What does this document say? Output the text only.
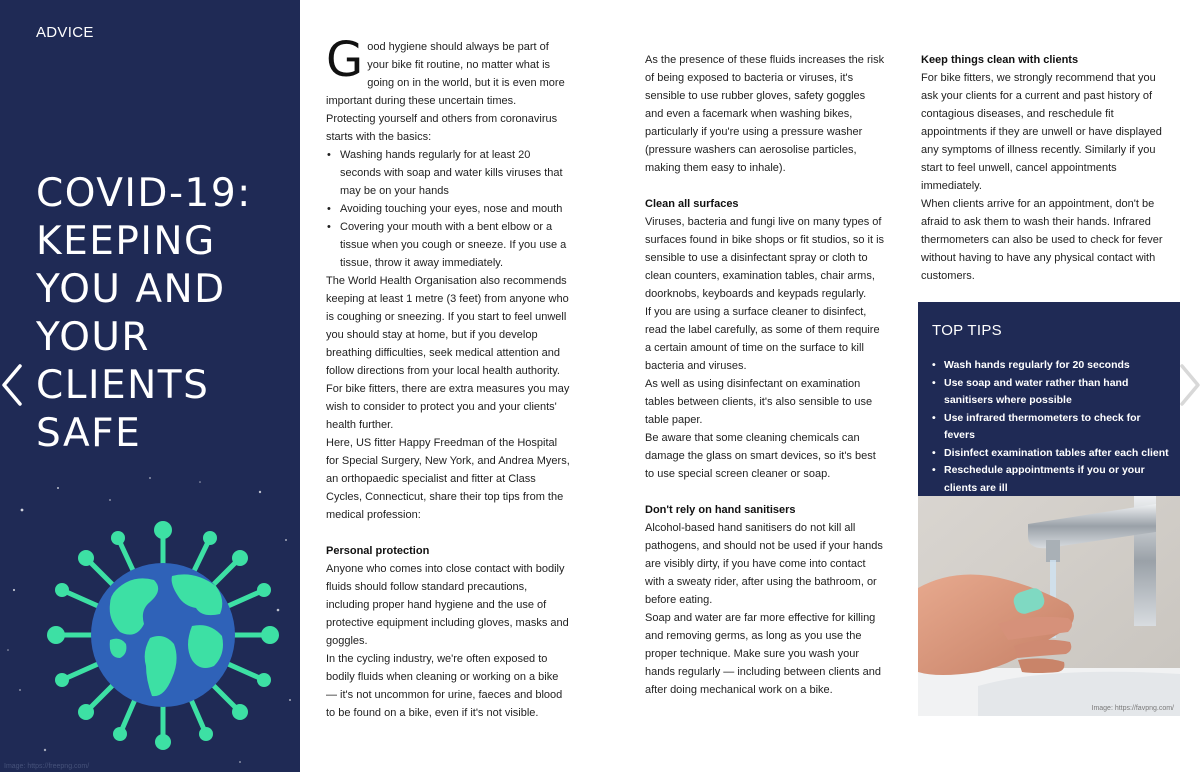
ADVICE
COVID-19: KEEPING YOU AND YOUR CLIENTS SAFE
Image: https://freepng.com/

Good hygiene should always be part of your bike fit routine, no matter what is going on in the world, but it is even more important during these uncertain times.

Protecting yourself and others from coronavirus starts with the basics:

• Washing hands regularly for at least 20 seconds with soap and water kills viruses that may be on your hands
• Avoiding touching your eyes, nose and mouth
• Covering your mouth with a bent elbow or a tissue when you cough or sneeze. If you use a tissue, throw it away immediately.

The World Health Organisation also recommends keeping at least 1 metre (3 feet) from anyone who is coughing or sneezing. If you start to feel unwell you should stay at home, but if you develop breathing difficulties, seek medical attention and follow directions from your local health authority.

For bike fitters, there are extra measures you may wish to consider to protect you and your clients' health further.

Here, US fitter Happy Freedman of the Hospital for Special Surgery, New York, and Andrea Myers, an orthopaedic specialist and fitter at Class Cycles, Connecticut, share their top tips from the medical profession:

Personal protection

Anyone who comes into close contact with bodily fluids should follow standard precautions, including proper hand hygiene and the use of protective equipment including gloves, masks and goggles.

In the cycling industry, we're often exposed to bodily fluids when cleaning or working on a bike — it's not uncommon for urine, faeces and blood to be found on a bike, even if it's not visible.

As the presence of these fluids increases the risk of being exposed to bacteria or viruses, it's sensible to use rubber gloves, safety goggles and even a facemark when washing bikes, particularly if you're using a pressure washer (pressure washers can aerosolise particles, making them easy to inhale).

Clean all surfaces

Viruses, bacteria and fungi live on many types of surfaces found in bike shops or fit studios, so it is sensible to use a disinfectant spray or cloth to clean counters, examination tables, chair arms, doorknobs, keyboards and keypads regularly.

If you are using a surface cleaner to disinfect, read the label carefully, as some of them require a certain amount of time on the surface to kill bacteria and viruses.

As well as using disinfectant on examination tables between clients, it's also sensible to use table paper.

Be aware that some cleaning chemicals can damage the glass on smart devices, so it's best to use special screen cleaner or soap.

Don't rely on hand sanitisers

Alcohol-based hand sanitisers do not kill all pathogens, and should not be used if your hands are visibly dirty, if you have come into contact with a sweaty rider, after using the bathroom, or before eating.

Soap and water are far more effective for killing and removing germs, as long as you use the proper technique. Make sure you wash your hands regularly — including between clients and after doing mechanical work on a bike.

Keep things clean with clients

For bike fitters, we strongly recommend that you ask your clients for a current and past history of contagious diseases, and reschedule fit appointments if they are unwell or have displayed any symptoms of illness recently. Similarly if you start to feel unwell, cancel appointments immediately.

When clients arrive for an appointment, don't be afraid to ask them to wash their hands. Infrared thermometers can also be used to check for fever without having to have any physical contact with customers.

TOP TIPS
• Wash hands regularly for 20 seconds
• Use soap and water rather than hand sanitisers where possible
• Use infrared thermometers to check for fevers
• Disinfect examination tables after each client
• Reschedule appointments if you or your clients are ill
Image: https://favpng.com/
